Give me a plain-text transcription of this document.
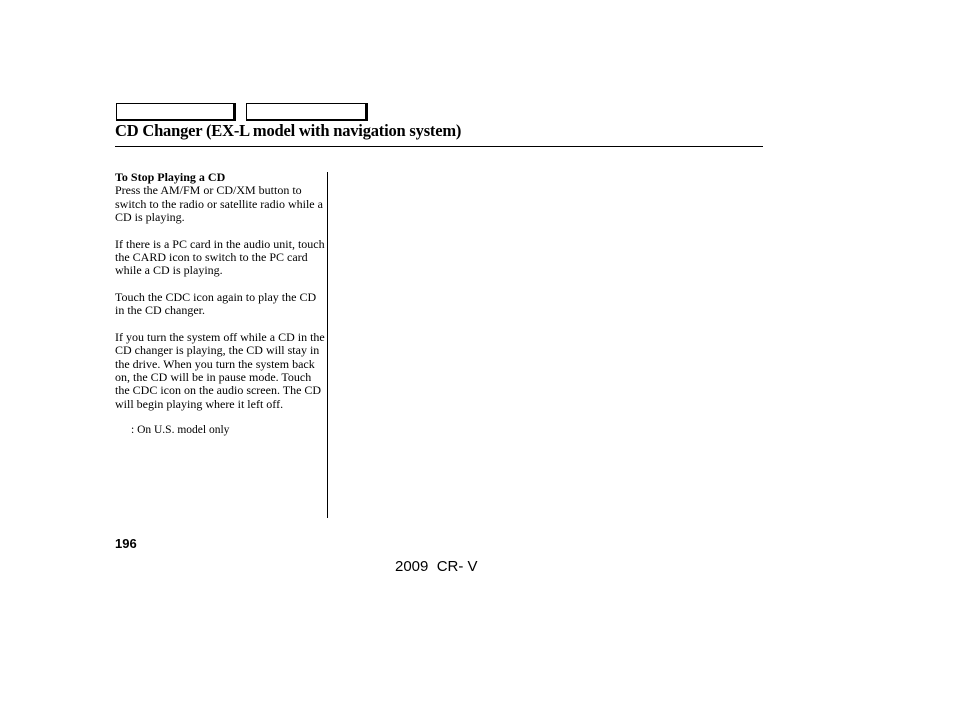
CD Changer (EX-L model with navigation system)

To Stop Playing a CD

Press the AM/FM or CD/XM button to switch to the radio or satellite radio while a CD is playing.

If there is a PC card in the audio unit, touch the CARD icon to switch to the PC card while a CD is playing.

Touch the CDC icon again to play the CD in the CD changer.

If you turn the system off while a CD in the CD changer is playing, the CD will stay in the drive. When you turn the system back on, the CD will be in pause mode. Touch the CDC icon on the audio screen. The CD will begin playing where it left off.

: On U.S. model only

196
2009  CR- V
